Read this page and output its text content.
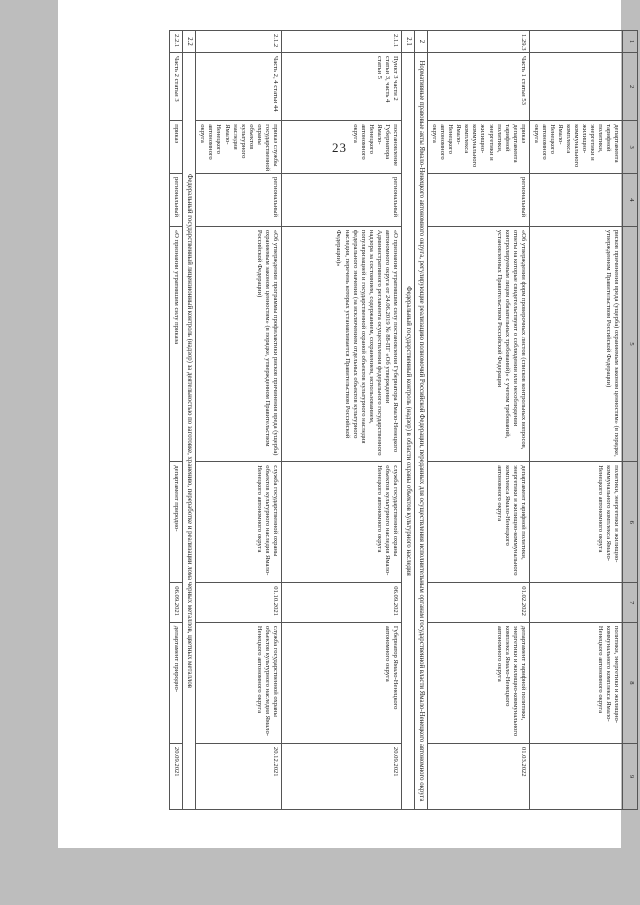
23
1	2	3	4	5	6	7	8	9
		департамента тарифной политики, энергетики и жилищно-коммунального комплекса Ямало-Ненецкого автономного округа		рисков причинения вреда (ущерба) охраняемым законом ценностям» (в порядке, утвержденном Правительством Российской Федерации)	политики, энергетики и жилищно-коммунального комплекса Ямало-Ненецкого автономного округа		политики, энергетики и жилищно-коммунального комплекса Ямало-Ненецкого автономного округа	
1.29.3	Часть 1 статьи 53	приказ департамента тарифной политики, энергетики и жилищно-коммунального комплекса Ямало-Ненецкого автономного округа	региональный	«Об утверждении форм проверочных листов (списков контрольных вопросов, ответы на которые свидетельствуют о соблюдении или несоблюдении контролируемым лицом обязательных требований)» с учетом требований, установленных Правительством Российской Федерации	департамент тарифной политики, энергетики и жилищно-коммунального комплекса Ямало-Ненецкого автономного округа	01.02.2022	департамент тарифной политики, энергетики и жилищно-коммунального комплекса Ямало-Ненецкого автономного округа	01.03.2022
2	Нормативные правовые акты Ямало-Ненецкого автономного округа, регулирующие реализацию полномочий Российской Федерации, переданных для осуществления исполнительным органам государственной власти Ямало-Ненецкого автономного округа							
2.1	Федеральный государственный контроль (надзор) в области охраны объектов культурного наследия							
2.1.1	Пункт 3 части 2 статьи 3, часть 4 статьи 5	постановление Губернатора Ямало-Ненецкого автономного округа	региональный	«О признании утратившим силу постановления Губернатора Ямало-Ненецкого автономного округа от 24.06.2019 № 88-ПГ «Об утверждении Административного регламента осуществления федерального государственного надзора за состоянием, содержанием, сохранением, использованием, популяризацией и государственной охраной объектов культурного наследия федерального значения (за исключением отдельных объектов культурного наследия, перечень которых устанавливается Правительством Российской Федерации)»	служба государственной охраны объектов культурного наследия Ямало-Ненецкого автономного округа	06.09.2021	Губернатор Ямало-Ненецкого автономного округа	20.09.2021
2.1.2	Часть 2, 4 статьи 44	приказ службы государственной охраны объектов культурного наследия Ямало-Ненецкого автономного округа	региональный	«Об утверждении программы профилактики рисков причинения вреда (ущерба) охраняемым законом ценностям» (в порядке, утвержденном Правительством Российской Федерации)	служба государственной охраны объектов культурного наследия Ямало-Ненецкого автономного округа	01.10.2021	служба государственной охраны объектов культурного наследия Ямало-Ненецкого автономного округа	20.12.2021
2.2	Федеральный государственный лицензионный контроль (надзор) за деятельностью по заготовке, хранению, переработке и реализации лома черных металлов, цветных металлов							
2.2.1	Часть 2 статьи 3	приказ	региональный	«О признании утратившим силу приказа	департамент природно-	06.09.2021	департамент природно-	20.09.2021
